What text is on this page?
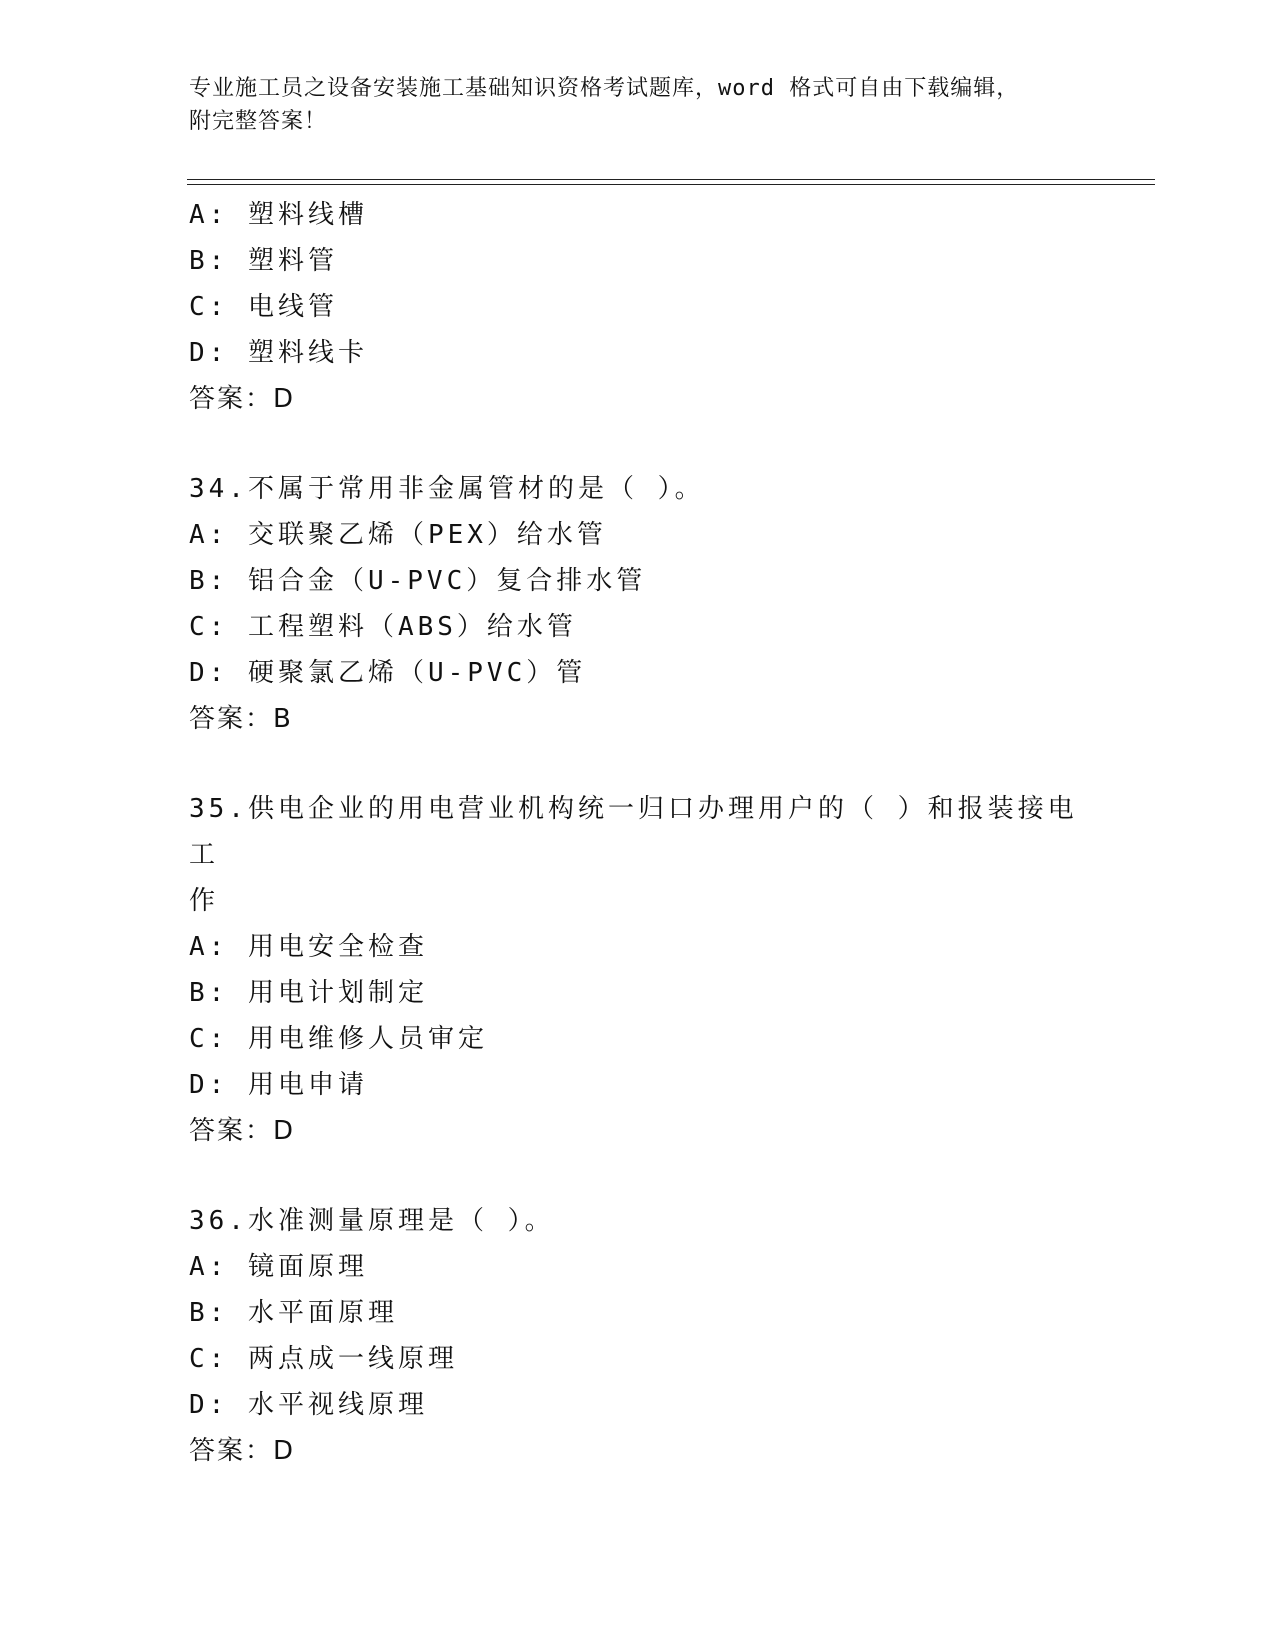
专业施工员之设备安装施工基础知识资格考试题库，word 格式可自由下载编辑，
附完整答案！
A: 塑料线槽
B: 塑料管
C: 电线管
D: 塑料线卡
答案：D
34.不属于常用非金属管材的是（ ）。
A: 交联聚乙烯（PEX）给水管
B: 铝合金（U-PVC）复合排水管
C: 工程塑料（ABS）给水管
D: 硬聚氯乙烯（U-PVC）管
答案：B
35.供电企业的用电营业机构统一归口办理用户的（ ）和报装接电工
作
A: 用电安全检查
B: 用电计划制定
C: 用电维修人员审定
D: 用电申请
答案：D
36.水准测量原理是（ ）。
A: 镜面原理
B: 水平面原理
C: 两点成一线原理
D: 水平视线原理
答案：D
